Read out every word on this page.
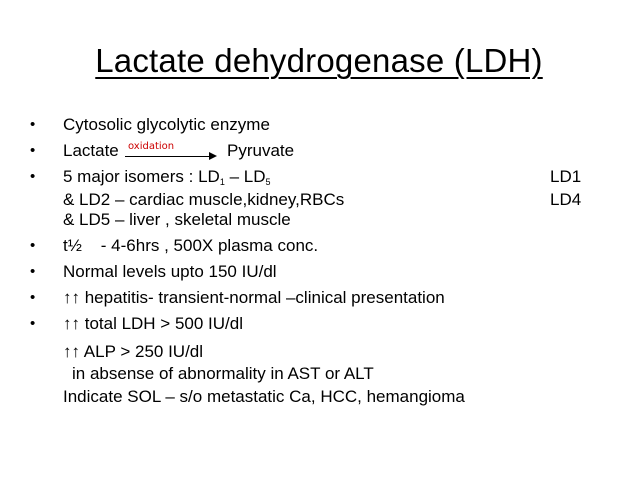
Lactate dehydrogenase (LDH)
• Cytosolic glycolytic enzyme
• Lactate oxidation	Pyruvate
• 5 major isomers : $LD_1 - LD_5$	LD1
& LD2 – cardiac muscle,kidney,RBCs	LD4
& LD5 – liver , skeletal muscle
• t½    - 4-6hrs , 500X plasma conc.
• Normal levels upto 150 IU/dl
• ↑↑ hepatitis- transient-normal –clinical presentation
• ↑↑ total LDH > 500 IU/dl
↑↑ ALP > 250 IU/dl
in absense of abnormality in AST or ALT
Indicate SOL – s/o metastatic Ca, HCC, hemangioma
